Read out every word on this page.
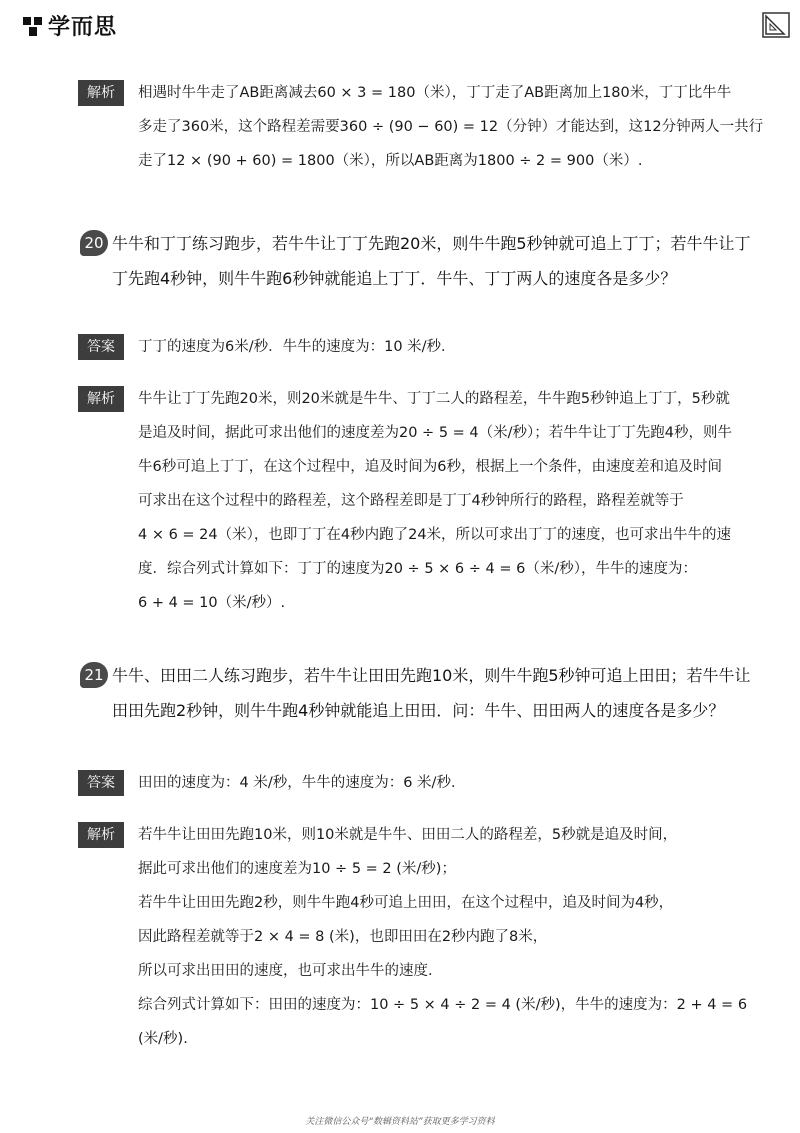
学而思
解析	相遇时牛牛走了AB距离减去60 × 3 = 180（米），丁丁走了AB距离加上180米，丁丁比牛牛
多走了360米，这个路程差需要360 ÷ (90 − 60) = 12（分钟）才能达到，这12分钟两人一共行
走了12 × (90 + 60) = 1800（米），所以AB距离为1800 ÷ 2 = 900（米）.
20 牛牛和丁丁练习跑步，若牛牛让丁丁先跑20米，则牛牛跑5秒钟就可追上丁丁；若牛牛让丁
丁先跑4秒钟，则牛牛跑6秒钟就能追上丁丁．牛牛、丁丁两人的速度各是多少？
答案	丁丁的速度为6米/秒．牛牛的速度为：10 米/秒．
解析	牛牛让丁丁先跑20米，则20米就是牛牛、丁丁二人的路程差，牛牛跑5秒钟追上丁丁，5秒就
是追及时间，据此可求出他们的速度差为20 ÷ 5 = 4（米/秒）；若牛牛让丁丁先跑4秒，则牛
牛6秒可追上丁丁，在这个过程中，追及时间为6秒，根据上一个条件，由速度差和追及时间
可求出在这个过程中的路程差，这个路程差即是丁丁4秒钟所行的路程，路程差就等于
4 × 6 = 24（米），也即丁丁在4秒内跑了24米，所以可求出丁丁的速度，也可求出牛牛的速
度．综合列式计算如下：丁丁的速度为20 ÷ 5 × 6 ÷ 4 = 6（米/秒），牛牛的速度为：
6 + 4 = 10（米/秒）.
21 牛牛、田田二人练习跑步，若牛牛让田田先跑10米，则牛牛跑5秒钟可追上田田；若牛牛让
田田先跑2秒钟，则牛牛跑4秒钟就能追上田田．问：牛牛、田田两人的速度各是多少？
答案	田田的速度为：4 米/秒，牛牛的速度为：6 米/秒．
解析	若牛牛让田田先跑10米，则10米就是牛牛、田田二人的路程差，5秒就是追及时间，
据此可求出他们的速度差为10 ÷ 5 = 2 (米/秒)；
若牛牛让田田先跑2秒，则牛牛跑4秒可追上田田，在这个过程中，追及时间为4秒，
因此路程差就等于2 × 4 = 8 (米)，也即田田在2秒内跑了8米，
所以可求出田田的速度，也可求出牛牛的速度．
综合列式计算如下：田田的速度为：10 ÷ 5 × 4 ÷ 2 = 4 (米/秒)，牛牛的速度为：2 + 4 = 6
(米/秒).
关注微信公众号“数辑资料站”获取更多学习资料
